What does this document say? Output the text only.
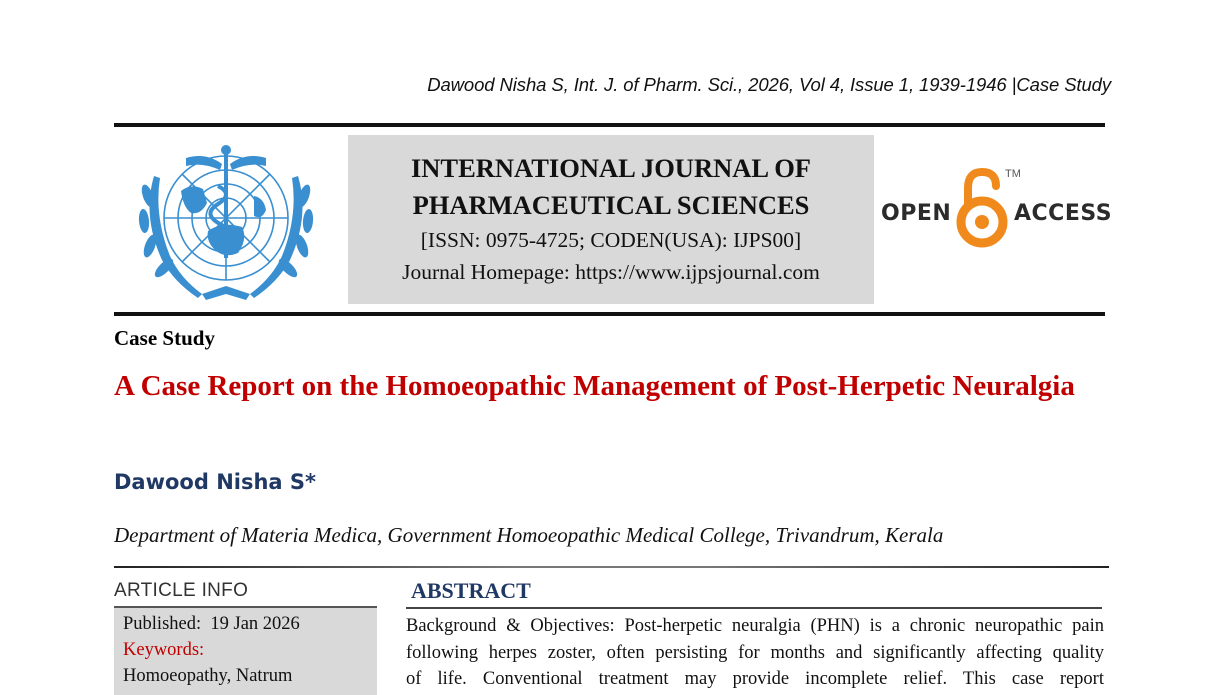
Dawood Nisha S, Int. J. of Pharm. Sci., 2026, Vol 4, Issue 1, 1939-1946 |Case Study
INTERNATIONAL JOURNAL OF
PHARMACEUTICAL SCIENCES
[ISSN: 0975-4725; CODEN(USA): IJPS00]
Journal Homepage: https://www.ijpsjournal.com
OPEN
TM
ACCESS
Case Study
A Case Report on the Homoeopathic Management of Post-Herpetic Neuralgia
Dawood Nisha S*
Department of Materia Medica, Government Homoeopathic Medical College, Trivandrum, Kerala
ARTICLE INFO
Published:  19 Jan 2026
Keywords:
Homoeopathy, Natrum
ABSTRACT
Background & Objectives: Post-herpetic neuralgia (PHN) is a chronic neuropathic pain
following herpes zoster, often persisting for months and significantly affecting quality
of life. Conventional treatment may provide incomplete relief. This case report
